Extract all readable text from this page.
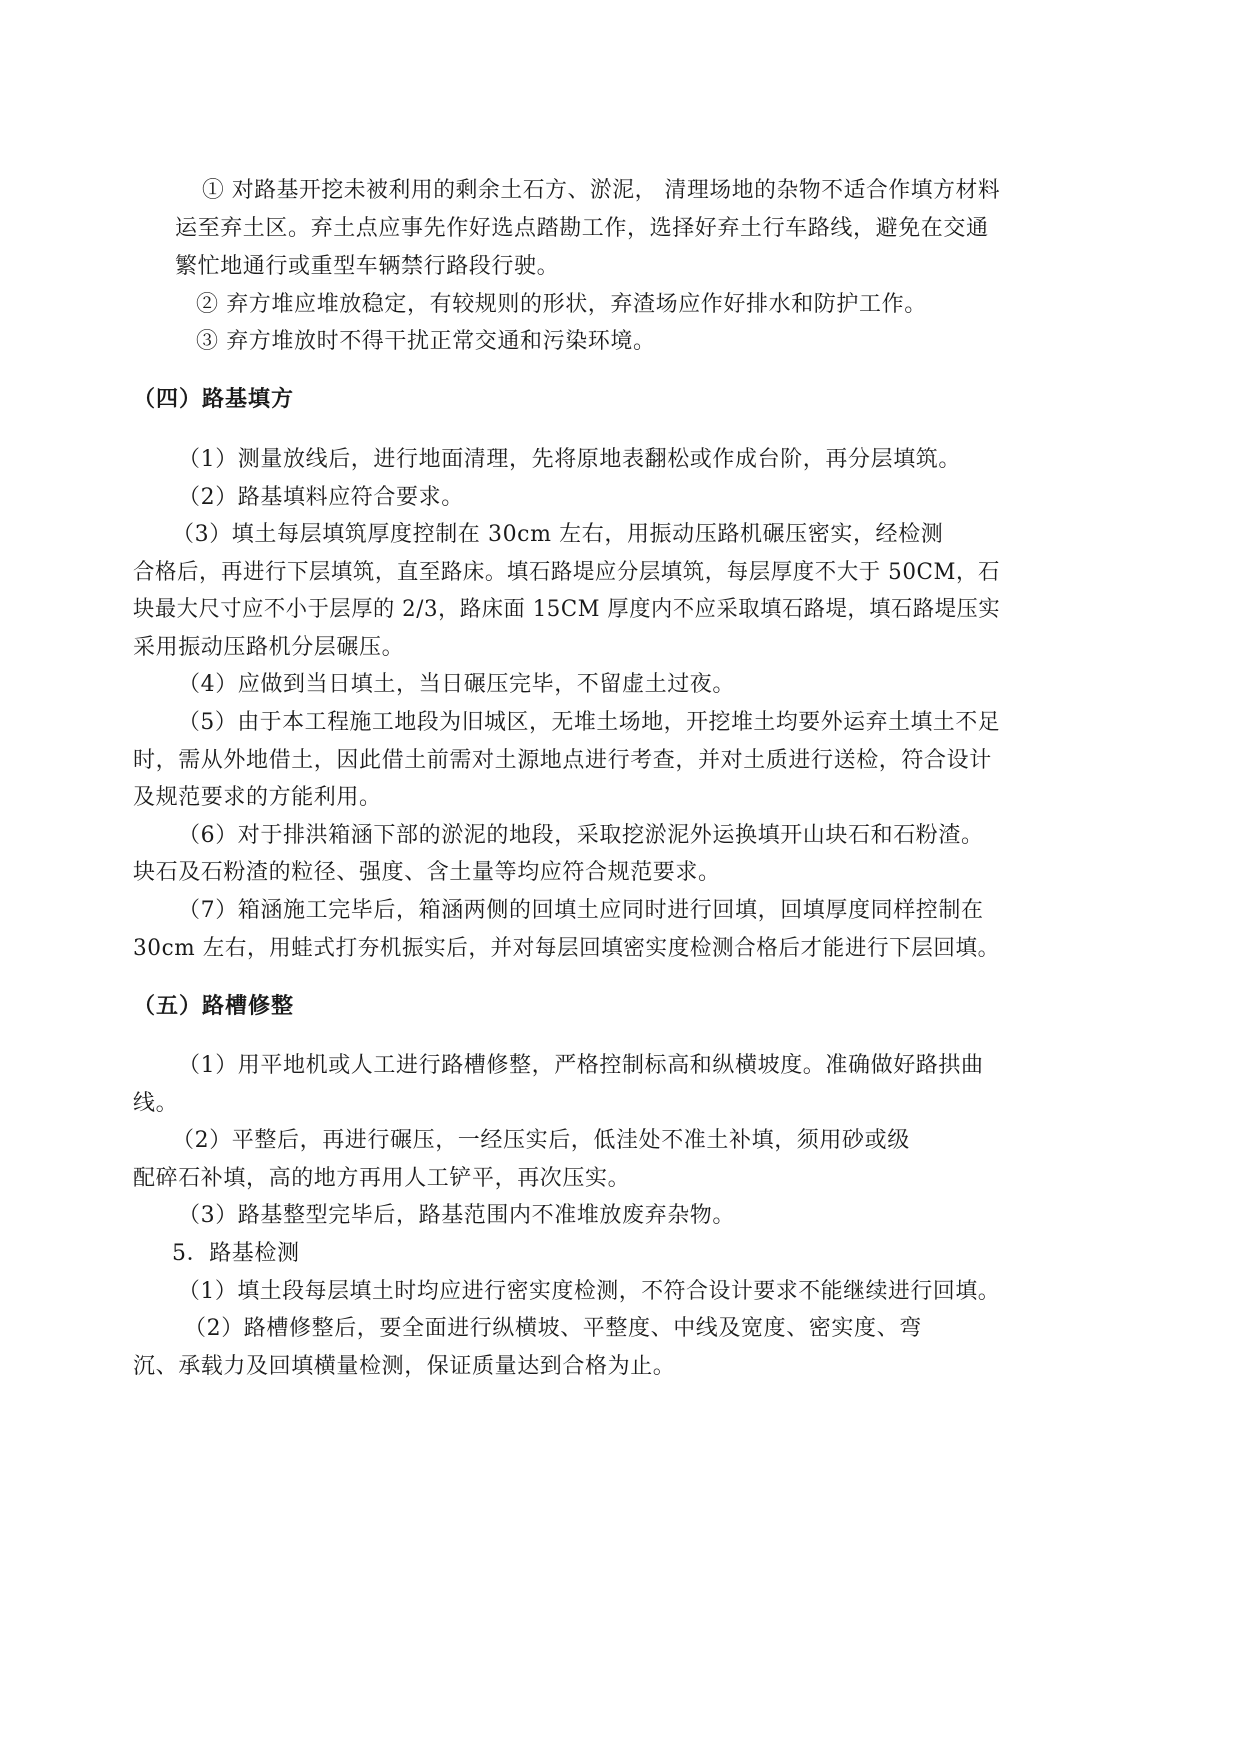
① 对路基开挖未被利用的剩余土石方、淤泥， 清理场地的杂物不适合作填方材料
运至弃土区。弃土点应事先作好选点踏勘工作，选择好弃土行车路线，避免在交通
繁忙地通行或重型车辆禁行路段行驶。
② 弃方堆应堆放稳定，有较规则的形状，弃渣场应作好排水和防护工作。
③ 弃方堆放时不得干扰正常交通和污染环境。
（四）路基填方
（1）测量放线后，进行地面清理，先将原地表翻松或作成台阶，再分层填筑。
（2）路基填料应符合要求。
（3）填土每层填筑厚度控制在 30cm 左右，用振动压路机碾压密实，经检测
合格后，再进行下层填筑，直至路床。填石路堤应分层填筑，每层厚度不大于 50CM，石
块最大尺寸应不小于层厚的 2/3，路床面 15CM 厚度内不应采取填石路堤，填石路堤压实
采用振动压路机分层碾压。
（4）应做到当日填土，当日碾压完毕，不留虚土过夜。
（5）由于本工程施工地段为旧城区，无堆土场地，开挖堆土均要外运弃土填土不足
时，需从外地借土，因此借土前需对土源地点进行考查，并对土质进行送检，符合设计
及规范要求的方能利用。
（6）对于排洪箱涵下部的淤泥的地段，采取挖淤泥外运换填开山块石和石粉渣。
块石及石粉渣的粒径、强度、含土量等均应符合规范要求。
（7）箱涵施工完毕后，箱涵两侧的回填土应同时进行回填，回填厚度同样控制在
30cm 左右，用蛙式打夯机振实后，并对每层回填密实度检测合格后才能进行下层回填。
（五）路槽修整
（1）用平地机或人工进行路槽修整，严格控制标高和纵横坡度。准确做好路拱曲
线。
（2）平整后，再进行碾压，一经压实后，低洼处不准土补填，须用砂或级
配碎石补填，高的地方再用人工铲平，再次压实。
（3）路基整型完毕后，路基范围内不准堆放废弃杂物。
5．路基检测
（1）填土段每层填土时均应进行密实度检测，不符合设计要求不能继续进行回填。
（2）路槽修整后，要全面进行纵横坡、平整度、中线及宽度、密实度、弯
沉、承载力及回填横量检测，保证质量达到合格为止。
